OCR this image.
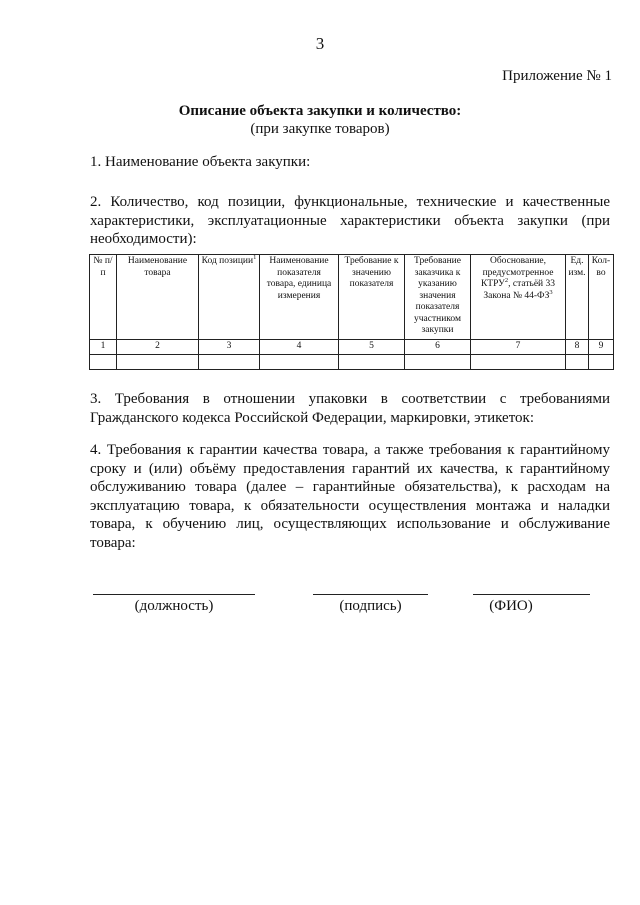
3
Приложение № 1
Описание объекта закупки и количество:
(при закупке товаров)
1. Наименование объекта закупки:
2. Количество, код позиции, функциональные, технические и качественные характеристики, эксплуатационные характеристики объекта закупки (при необходимости):
№ п/п	Наименование товара	Код позиции$^1$	Наименование показателя товара, единица измерения	Требование к значению показателя	Требование заказчика к указанию значения показателя участником закупки	Обоснование, предусмотренное КТРУ$^2$, статьёй 33 Закона № $44-ФЗ^3$	Ед. изм.	Кол-во
1	2	3	4	5	6	7	8	9

3. Требования в отношении упаковки в соответствии с требованиями Гражданского кодекса Российской Федерации, маркировки, этикеток:
4. Требования к гарантии качества товара, а также требования к гарантийному сроку и (или) объёму предоставления гарантий их качества, к гарантийному обслуживанию товара (далее – гарантийные обязательства), к расходам на эксплуатацию товара, к обязательности осуществления монтажа и наладки товара, к обучению лиц, осуществляющих использование и обслуживание товара:
(должность)	(подпись)	(ФИО)
